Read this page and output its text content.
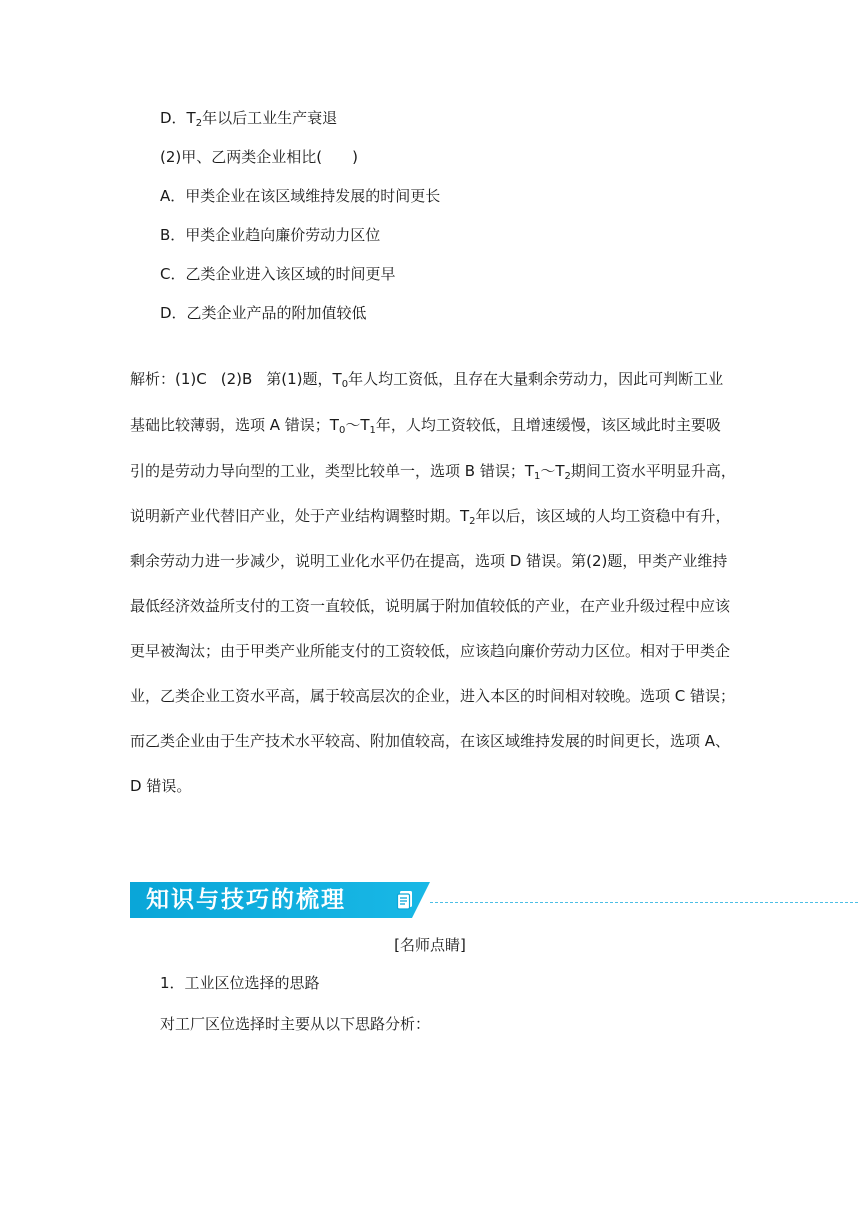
D．$T_2$年以后工业生产衰退
(2)甲、乙两类企业相比(　　)
A．甲类企业在该区域维持发展的时间更长
B．甲类企业趋向廉价劳动力区位
C．乙类企业进入该区域的时间更早
D．乙类企业产品的附加值较低
解析：(1)C (2)B 第(1)题，$T_0$年人均工资低，且存在大量剩余劳动力，因此可判断工业
基础比较薄弱，选项 A 错误；$T_0\sim T_1$年，人均工资较低，且增速缓慢，该区域此时主要吸
引的是劳动力导向型的工业，类型比较单一，选项 B 错误；$T_1\sim T_2$期间工资水平明显升高，
说明新产业代替旧产业，处于产业结构调整时期。$T_2$年以后，该区域的人均工资稳中有升，
剩余劳动力进一步减少，说明工业化水平仍在提高，选项 D 错误。第(2)题，甲类产业维持
最低经济效益所支付的工资一直较低，说明属于附加值较低的产业，在产业升级过程中应该
更早被淘汰；由于甲类产业所能支付的工资较低，应该趋向廉价劳动力区位。相对于甲类企
业，乙类企业工资水平高，属于较高层次的企业，进入本区的时间相对较晚。选项 C 错误；
而乙类企业由于生产技术水平较高、附加值较高，在该区域维持发展的时间更长，选项 A、
D 错误。
知识与技巧的梳理
[名师点睛]
1．工业区位选择的思路
对工厂区位选择时主要从以下思路分析：
